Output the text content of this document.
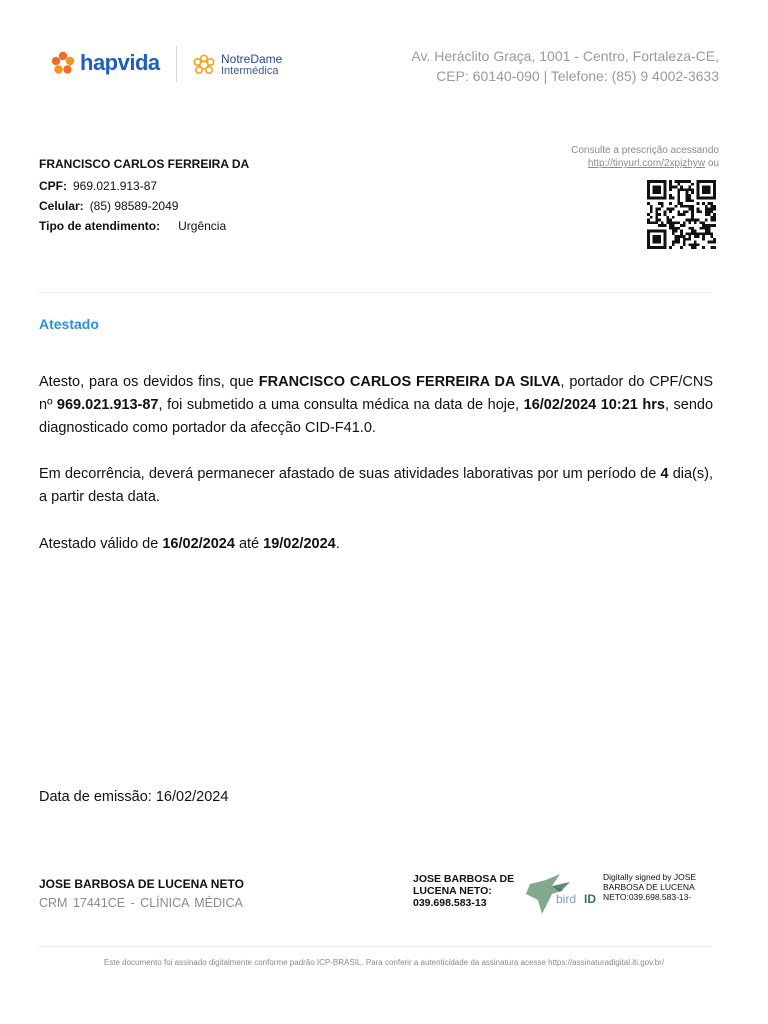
hapvida	NotreDame
Intermédica
Av. Heráclito Graça, 1001 - Centro, Fortaleza-CE,
CEP: 60140-090 | Telefone: (85) 9 4002-3633
FRANCISCO CARLOS FERREIRA DA
CPF: 969.021.913-87
Celular: (85) 98589-2049
Tipo de atendimento: Urgência
Consulte a prescrição acessando
http://tinyurl.com/2xpjzhyw ou
Atestado
Atesto, para os devidos fins, que FRANCISCO CARLOS FERREIRA DA SILVA, portador do CPF/CNS nº 969.021.913-87, foi submetido a uma consulta médica na data de hoje, 16/02/2024 10:21 hrs, sendo diagnosticado como portador da afecção CID-F41.0.
Em decorrência, deverá permanecer afastado de suas atividades laborativas por um período de 4 dia(s), a partir desta data.
Atestado válido de 16/02/2024 até 19/02/2024.
Data de emissão: 16/02/2024
JOSE BARBOSA DE LUCENA NETO
CRM 17441CE - CLÍNICA MÉDICA	bird ID
JOSE BARBOSA DE
LUCENA NETO:
039.698.583-13
Digitally signed by JOSE
BARBOSA DE LUCENA
NETO:039.698.583-13-
Este documento foi assinado digitalmente conforme padrão ICP-BRASIL. Para conferir a autenticidade da assinatura acesse https://assinaturadigital.iti.gov.br/
